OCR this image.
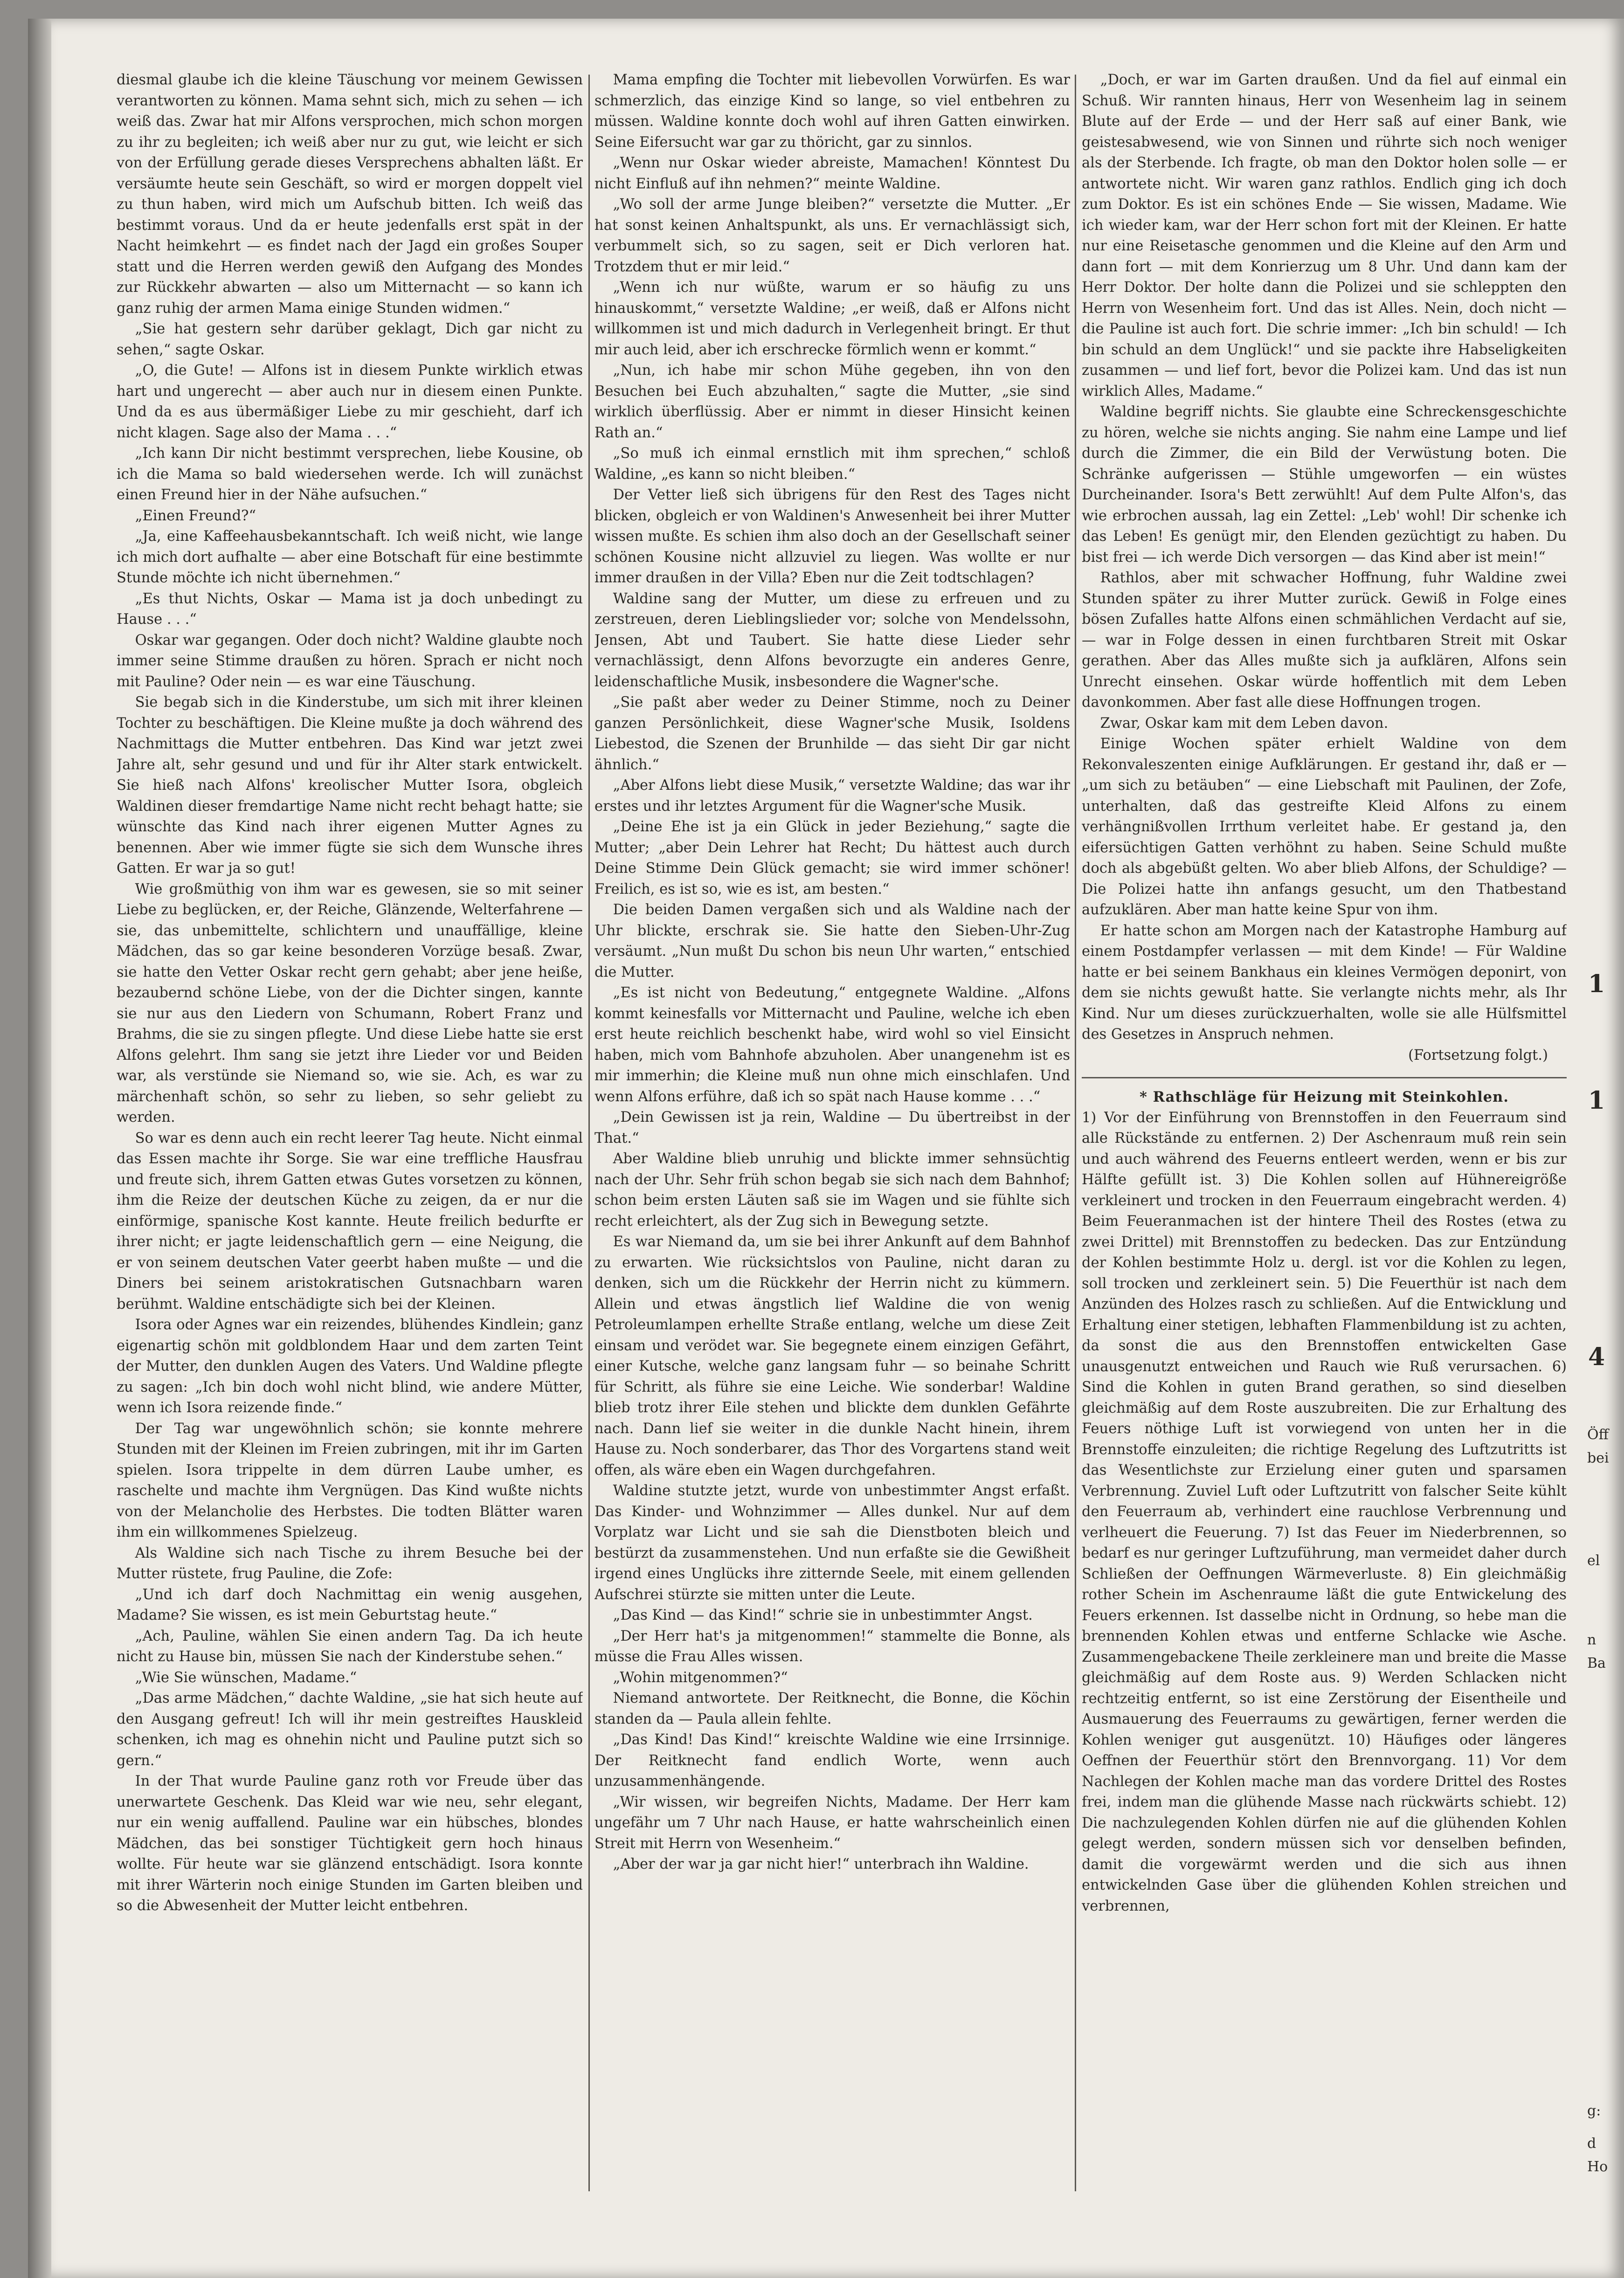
diesmal glaube ich die kleine Täuschung vor meinem Gewissen verantworten zu können. Mama sehnt sich, mich zu sehen — ich weiß das. Zwar hat mir Alfons versprochen, mich schon morgen zu ihr zu begleiten; ich weiß aber nur zu gut, wie leicht er sich von der Erfüllung gerade dieses Versprechens abhalten läßt. Er versäumte heute sein Geschäft, so wird er morgen doppelt viel zu thun haben, wird mich um Aufschub bitten. Ich weiß das bestimmt voraus. Und da er heute jedenfalls erst spät in der Nacht heimkehrt — es findet nach der Jagd ein großes Souper statt und die Herren werden gewiß den Aufgang des Mondes zur Rückkehr abwarten — also um Mitternacht — so kann ich ganz ruhig der armen Mama einige Stunden widmen.“

„Sie hat gestern sehr darüber geklagt, Dich gar nicht zu sehen,“ sagte Oskar.

„O, die Gute! — Alfons ist in diesem Punkte wirklich etwas hart und ungerecht — aber auch nur in diesem einen Punkte. Und da es aus übermäßiger Liebe zu mir geschieht, darf ich nicht klagen. Sage also der Mama . . .“

„Ich kann Dir nicht bestimmt versprechen, liebe Kousine, ob ich die Mama so bald wiedersehen werde. Ich will zunächst einen Freund hier in der Nähe aufsuchen.“

„Einen Freund?“

„Ja, eine Kaffeehausbekanntschaft. Ich weiß nicht, wie lange ich mich dort aufhalte — aber eine Botschaft für eine bestimmte Stunde möchte ich nicht übernehmen.“

„Es thut Nichts, Oskar — Mama ist ja doch unbedingt zu Hause . . .“

Oskar war gegangen. Oder doch nicht? Waldine glaubte noch immer seine Stimme draußen zu hören. Sprach er nicht noch mit Pauline? Oder nein — es war eine Täuschung.

Sie begab sich in die Kinderstube, um sich mit ihrer kleinen Tochter zu beschäftigen. Die Kleine mußte ja doch während des Nachmittags die Mutter entbehren. Das Kind war jetzt zwei Jahre alt, sehr gesund und und für ihr Alter stark entwickelt. Sie hieß nach Alfons' kreolischer Mutter Isora, obgleich Waldinen dieser fremdartige Name nicht recht behagt hatte; sie wünschte das Kind nach ihrer eigenen Mutter Agnes zu benennen. Aber wie immer fügte sie sich dem Wunsche ihres Gatten. Er war ja so gut!

Wie großmüthig von ihm war es gewesen, sie so mit seiner Liebe zu beglücken, er, der Reiche, Glänzende, Welterfahrene — sie, das unbemittelte, schlichtern und unauffällige, kleine Mädchen, das so gar keine besonderen Vorzüge besaß. Zwar, sie hatte den Vetter Oskar recht gern gehabt; aber jene heiße, bezaubernd schöne Liebe, von der die Dichter singen, kannte sie nur aus den Liedern von Schumann, Robert Franz und Brahms, die sie zu singen pflegte. Und diese Liebe hatte sie erst Alfons gelehrt. Ihm sang sie jetzt ihre Lieder vor und Beiden war, als verstünde sie Niemand so, wie sie. Ach, es war zu märchenhaft schön, so sehr zu lieben, so sehr geliebt zu werden.

So war es denn auch ein recht leerer Tag heute. Nicht einmal das Essen machte ihr Sorge. Sie war eine treffliche Hausfrau und freute sich, ihrem Gatten etwas Gutes vorsetzen zu können, ihm die Reize der deutschen Küche zu zeigen, da er nur die einförmige, spanische Kost kannte. Heute freilich bedurfte er ihrer nicht; er jagte leidenschaftlich gern — eine Neigung, die er von seinem deutschen Vater geerbt haben mußte — und die Diners bei seinem aristokratischen Gutsnachbarn waren berühmt. Waldine entschädigte sich bei der Kleinen.

Isora oder Agnes war ein reizendes, blühendes Kindlein; ganz eigenartig schön mit goldblondem Haar und dem zarten Teint der Mutter, den dunklen Augen des Vaters. Und Waldine pflegte zu sagen: „Ich bin doch wohl nicht blind, wie andere Mütter, wenn ich Isora reizende finde.“

Der Tag war ungewöhnlich schön; sie konnte mehrere Stunden mit der Kleinen im Freien zubringen, mit ihr im Garten spielen. Isora trippelte in dem dürren Laube umher, es raschelte und machte ihm Vergnügen. Das Kind wußte nichts von der Melancholie des Herbstes. Die todten Blätter waren ihm ein willkommenes Spielzeug.

Als Waldine sich nach Tische zu ihrem Besuche bei der Mutter rüstete, frug Pauline, die Zofe:

„Und ich darf doch Nachmittag ein wenig ausgehen, Madame? Sie wissen, es ist mein Geburtstag heute.“

„Ach, Pauline, wählen Sie einen andern Tag. Da ich heute nicht zu Hause bin, müssen Sie nach der Kinderstube sehen.“

„Wie Sie wünschen, Madame.“

„Das arme Mädchen,“ dachte Waldine, „sie hat sich heute auf den Ausgang gefreut! Ich will ihr mein gestreiftes Hauskleid schenken, ich mag es ohnehin nicht und Pauline putzt sich so gern.“

In der That wurde Pauline ganz roth vor Freude über das unerwartete Geschenk. Das Kleid war wie neu, sehr elegant, nur ein wenig auffallend. Pauline war ein hübsches, blondes Mädchen, das bei sonstiger Tüchtigkeit gern hoch hinaus wollte. Für heute war sie glänzend entschädigt. Isora konnte mit ihrer Wärterin noch einige Stunden im Garten bleiben und so die Abwesenheit der Mutter leicht entbehren.

Mama empfing die Tochter mit liebevollen Vorwürfen. Es war schmerzlich, das einzige Kind so lange, so viel entbehren zu müssen. Waldine konnte doch wohl auf ihren Gatten einwirken. Seine Eifersucht war gar zu thöricht, gar zu sinnlos.

„Wenn nur Oskar wieder abreiste, Mamachen! Könntest Du nicht Einfluß auf ihn nehmen?“ meinte Waldine.

„Wo soll der arme Junge bleiben?“ versetzte die Mutter. „Er hat sonst keinen Anhaltspunkt, als uns. Er vernachlässigt sich, verbummelt sich, so zu sagen, seit er Dich verloren hat. Trotzdem thut er mir leid.“

„Wenn ich nur wüßte, warum er so häufig zu uns hinauskommt,“ versetzte Waldine; „er weiß, daß er Alfons nicht willkommen ist und mich dadurch in Verlegenheit bringt. Er thut mir auch leid, aber ich erschrecke förmlich wenn er kommt.“

„Nun, ich habe mir schon Mühe gegeben, ihn von den Besuchen bei Euch abzuhalten,“ sagte die Mutter, „sie sind wirklich überflüssig. Aber er nimmt in dieser Hinsicht keinen Rath an.“

„So muß ich einmal ernstlich mit ihm sprechen,“ schloß Waldine, „es kann so nicht bleiben.“

Der Vetter ließ sich übrigens für den Rest des Tages nicht blicken, obgleich er von Waldinen's Anwesenheit bei ihrer Mutter wissen mußte. Es schien ihm also doch an der Gesellschaft seiner schönen Kousine nicht allzuviel zu liegen. Was wollte er nur immer draußen in der Villa? Eben nur die Zeit todtschlagen?

Waldine sang der Mutter, um diese zu erfreuen und zu zerstreuen, deren Lieblingslieder vor; solche von Mendelssohn, Jensen, Abt und Taubert. Sie hatte diese Lieder sehr vernachlässigt, denn Alfons bevorzugte ein anderes Genre, leidenschaftliche Musik, insbesondere die Wagner'sche.

„Sie paßt aber weder zu Deiner Stimme, noch zu Deiner ganzen Persönlichkeit, diese Wagner'sche Musik, Isoldens Liebestod, die Szenen der Brunhilde — das sieht Dir gar nicht ähnlich.“

„Aber Alfons liebt diese Musik,“ versetzte Waldine; das war ihr erstes und ihr letztes Argument für die Wagner'sche Musik.

„Deine Ehe ist ja ein Glück in jeder Beziehung,“ sagte die Mutter; „aber Dein Lehrer hat Recht; Du hättest auch durch Deine Stimme Dein Glück gemacht; sie wird immer schöner! Freilich, es ist so, wie es ist, am besten.“

Die beiden Damen vergaßen sich und als Waldine nach der Uhr blickte, erschrak sie. Sie hatte den Sieben-Uhr-Zug versäumt. „Nun mußt Du schon bis neun Uhr warten,“ entschied die Mutter.

„Es ist nicht von Bedeutung,“ entgegnete Waldine. „Alfons kommt keinesfalls vor Mitternacht und Pauline, welche ich eben erst heute reichlich beschenkt habe, wird wohl so viel Einsicht haben, mich vom Bahnhofe abzuholen. Aber unangenehm ist es mir immerhin; die Kleine muß nun ohne mich einschlafen. Und wenn Alfons erführe, daß ich so spät nach Hause komme . . .“

„Dein Gewissen ist ja rein, Waldine — Du übertreibst in der That.“

Aber Waldine blieb unruhig und blickte immer sehnsüchtig nach der Uhr. Sehr früh schon begab sie sich nach dem Bahnhof; schon beim ersten Läuten saß sie im Wagen und sie fühlte sich recht erleichtert, als der Zug sich in Bewegung setzte.

Es war Niemand da, um sie bei ihrer Ankunft auf dem Bahnhof zu erwarten. Wie rücksichtslos von Pauline, nicht daran zu denken, sich um die Rückkehr der Herrin nicht zu kümmern. Allein und etwas ängstlich lief Waldine die von wenig Petroleumlampen erhellte Straße entlang, welche um diese Zeit einsam und verödet war. Sie begegnete einem einzigen Gefährt, einer Kutsche, welche ganz langsam fuhr — so beinahe Schritt für Schritt, als führe sie eine Leiche. Wie sonderbar! Waldine blieb trotz ihrer Eile stehen und blickte dem dunklen Gefährte nach. Dann lief sie weiter in die dunkle Nacht hinein, ihrem Hause zu. Noch sonderbarer, das Thor des Vorgartens stand weit offen, als wäre eben ein Wagen durchgefahren.

Waldine stutzte jetzt, wurde von unbestimmter Angst erfaßt. Das Kinder- und Wohnzimmer — Alles dunkel. Nur auf dem Vorplatz war Licht und sie sah die Dienstboten bleich und bestürzt da zusammenstehen. Und nun erfaßte sie die Gewißheit irgend eines Unglücks ihre zitternde Seele, mit einem gellenden Aufschrei stürzte sie mitten unter die Leute.

„Das Kind — das Kind!“ schrie sie in unbestimmter Angst.

„Der Herr hat's ja mitgenommen!“ stammelte die Bonne, als müsse die Frau Alles wissen.

„Wohin mitgenommen?“

Niemand antwortete. Der Reitknecht, die Bonne, die Köchin standen da — Paula allein fehlte.

„Das Kind! Das Kind!“ kreischte Waldine wie eine Irrsinnige. Der Reitknecht fand endlich Worte, wenn auch unzusammenhängende.

„Wir wissen, wir begreifen Nichts, Madame. Der Herr kam ungefähr um 7 Uhr nach Hause, er hatte wahrscheinlich einen Streit mit Herrn von Wesenheim.“

„Aber der war ja gar nicht hier!“ unterbrach ihn Waldine.

„Doch, er war im Garten draußen. Und da fiel auf einmal ein Schuß. Wir rannten hinaus, Herr von Wesenheim lag in seinem Blute auf der Erde — und der Herr saß auf einer Bank, wie geistesabwesend, wie von Sinnen und rührte sich noch weniger als der Sterbende. Ich fragte, ob man den Doktor holen solle — er antwortete nicht. Wir waren ganz rathlos. Endlich ging ich doch zum Doktor. Es ist ein schönes Ende — Sie wissen, Madame. Wie ich wieder kam, war der Herr schon fort mit der Kleinen. Er hatte nur eine Reisetasche genommen und die Kleine auf den Arm und dann fort — mit dem Konrierzug um 8 Uhr. Und dann kam der Herr Doktor. Der holte dann die Polizei und sie schleppten den Herrn von Wesenheim fort. Und das ist Alles. Nein, doch nicht — die Pauline ist auch fort. Die schrie immer: „Ich bin schuld! — Ich bin schuld an dem Unglück!“ und sie packte ihre Habseligkeiten zusammen — und lief fort, bevor die Polizei kam. Und das ist nun wirklich Alles, Madame.“

Waldine begriff nichts. Sie glaubte eine Schreckensgeschichte zu hören, welche sie nichts anging. Sie nahm eine Lampe und lief durch die Zimmer, die ein Bild der Verwüstung boten. Die Schränke aufgerissen — Stühle umgeworfen — ein wüstes Durcheinander. Isora's Bett zerwühlt! Auf dem Pulte Alfon's, das wie erbrochen aussah, lag ein Zettel: „Leb' wohl! Dir schenke ich das Leben! Es genügt mir, den Elenden gezüchtigt zu haben. Du bist frei — ich werde Dich versorgen — das Kind aber ist mein!“

Rathlos, aber mit schwacher Hoffnung, fuhr Waldine zwei Stunden später zu ihrer Mutter zurück. Gewiß in Folge eines bösen Zufalles hatte Alfons einen schmählichen Verdacht auf sie, — war in Folge dessen in einen furchtbaren Streit mit Oskar gerathen. Aber das Alles mußte sich ja aufklären, Alfons sein Unrecht einsehen. Oskar würde hoffentlich mit dem Leben davonkommen. Aber fast alle diese Hoffnungen trogen.

Zwar, Oskar kam mit dem Leben davon.

Einige Wochen später erhielt Waldine von dem Rekonvaleszenten einige Aufklärungen. Er gestand ihr, daß er — „um sich zu betäuben“ — eine Liebschaft mit Paulinen, der Zofe, unterhalten, daß das gestreifte Kleid Alfons zu einem verhängnißvollen Irrthum verleitet habe. Er gestand ja, den eifersüchtigen Gatten verhöhnt zu haben. Seine Schuld mußte doch als abgebüßt gelten. Wo aber blieb Alfons, der Schuldige? — Die Polizei hatte ihn anfangs gesucht, um den Thatbestand aufzuklären. Aber man hatte keine Spur von ihm.

Er hatte schon am Morgen nach der Katastrophe Hamburg auf einem Postdampfer verlassen — mit dem Kinde! — Für Waldine hatte er bei seinem Bankhaus ein kleines Vermögen deponirt, von dem sie nichts gewußt hatte. Sie verlangte nichts mehr, als Ihr Kind. Nur um dieses zurückzuerhalten, wolle sie alle Hülfsmittel des Gesetzes in Anspruch nehmen.

(Fortsetzung folgt.)

* Rathschläge für Heizung mit Steinkohlen.

1) Vor der Einführung von Brennstoffen in den Feuerraum sind alle Rückstände zu entfernen. 2) Der Aschenraum muß rein sein und auch während des Feuerns entleert werden, wenn er bis zur Hälfte gefüllt ist. 3) Die Kohlen sollen auf Hühnereigröße verkleinert und trocken in den Feuerraum eingebracht werden. 4) Beim Feueranmachen ist der hintere Theil des Rostes (etwa zu zwei Drittel) mit Brennstoffen zu bedecken. Das zur Entzündung der Kohlen bestimmte Holz u. dergl. ist vor die Kohlen zu legen, soll trocken und zerkleinert sein. 5) Die Feuerthür ist nach dem Anzünden des Holzes rasch zu schließen. Auf die Entwicklung und Erhaltung einer stetigen, lebhaften Flammenbildung ist zu achten, da sonst die aus den Brennstoffen entwickelten Gase unausgenutzt entweichen und Rauch wie Ruß verursachen. 6) Sind die Kohlen in guten Brand gerathen, so sind dieselben gleichmäßig auf dem Roste auszubreiten. Die zur Erhaltung des Feuers nöthige Luft ist vorwiegend von unten her in die Brennstoffe einzuleiten; die richtige Regelung des Luftzutritts ist das Wesentlichste zur Erzielung einer guten und sparsamen Verbrennung. Zuviel Luft oder Luftzutritt von falscher Seite kühlt den Feuerraum ab, verhindert eine rauchlose Verbrennung und verlheuert die Feuerung. 7) Ist das Feuer im Niederbrennen, so bedarf es nur geringer Luftzuführung, man vermeidet daher durch Schließen der Oeffnungen Wärmeverluste. 8) Ein gleichmäßig rother Schein im Aschenraume läßt die gute Entwickelung des Feuers erkennen. Ist dasselbe nicht in Ordnung, so hebe man die brennenden Kohlen etwas und entferne Schlacke wie Asche. Zusammengebackene Theile zerkleinere man und breite die Masse gleichmäßig auf dem Roste aus. 9) Werden Schlacken nicht rechtzeitig entfernt, so ist eine Zerstörung der Eisentheile und Ausmauerung des Feuerraums zu gewärtigen, ferner werden die Kohlen weniger gut ausgenützt. 10) Häufiges oder längeres Oeffnen der Feuerthür stört den Brennvorgang. 11) Vor dem Nachlegen der Kohlen mache man das vordere Drittel des Rostes frei, indem man die glühende Masse nach rückwärts schiebt. 12) Die nachzulegenden Kohlen dürfen nie auf die glühenden Kohlen gelegt werden, sondern müssen sich vor denselben befinden, damit die vorgewärmt werden und die sich aus ihnen entwickelnden Gase über die glühenden Kohlen streichen und verbrennen,

1
1
4
Öff
bei
el
n
Ba
g:
d
Ho
